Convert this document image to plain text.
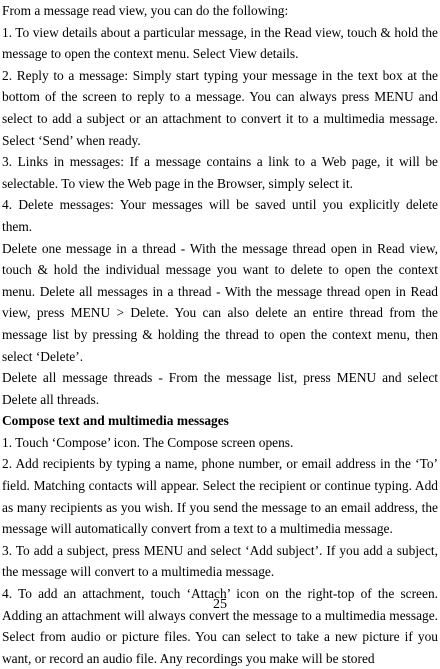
From a message read view, you can do the following:

1. To view details about a particular message, in the Read view, touch & hold the message to open the context menu. Select View details.

2. Reply to a message: Simply start typing your message in the text box at the bottom of the screen to reply to a message. You can always press MENU and select to add a subject or an attachment to convert it to a multimedia message. Select ‘Send’ when ready.

3. Links in messages: If a message contains a link to a Web page, it will be selectable. To view the Web page in the Browser, simply select it.

4. Delete messages: Your messages will be saved until you explicitly delete them.

Delete one message in a thread - With the message thread open in Read view, touch & hold the individual message you want to delete to open the context menu. Delete all messages in a thread - With the message thread open in Read view, press MENU > Delete. You can also delete an entire thread from the message list by pressing & holding the thread to open the context menu, then select ‘Delete’.

Delete all message threads - From the message list, press MENU and select Delete all threads.

Compose text and multimedia messages

1. Touch ‘Compose’ icon. The Compose screen opens.

2. Add recipients by typing a name, phone number, or email address in the ‘To’ field. Matching contacts will appear. Select the recipient or continue typing. Add as many recipients as you wish. If you send the message to an email address, the message will automatically convert from a text to a multimedia message.

3. To add a subject, press MENU and select ‘Add subject’. If you add a subject, the message will convert to a multimedia message.

4. To add an attachment, touch ‘Attach’ icon on the right-top of the screen. Adding an attachment will always convert the message to a multimedia message. Select from audio or picture files. You can select to take a new picture if you want, or record an audio file. Any recordings you make will be stored

25
